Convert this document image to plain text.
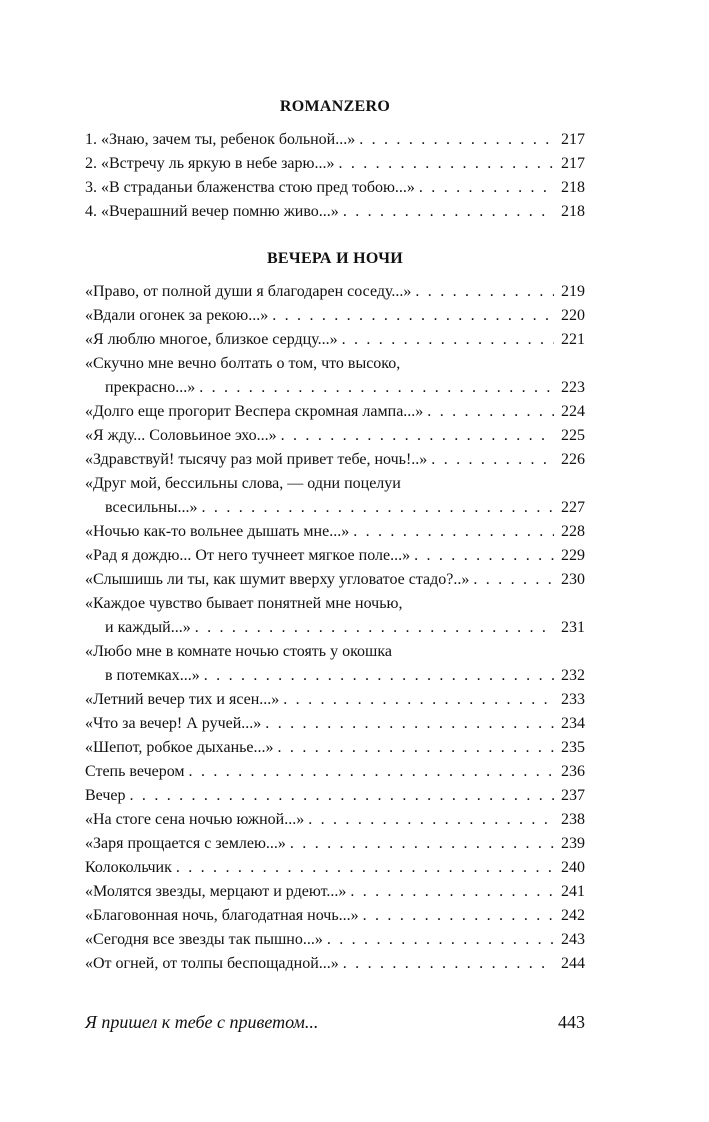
ROMANZERO
1. «Знаю, зачем ты, ребенок больной...» . . .	217
2. «Встречу ль яркую в небе зарю...» . . .	217
3. «В страданьи блаженства стою пред тобою...» . . .	218
4. «Вчерашний вечер помню живо...» . . .	218
ВЕЧЕРА И НОЧИ
«Право, от полной души я благодарен соседу...» . . .	219
«Вдали огонек за рекою...» . . .	220
«Я люблю многое, близкое сердцу...» . . .	221
«Скучно мне вечно болтать о том, что высоко,
прекрасно...» . . .	223
«Долго еще прогорит Веспера скромная лампа...» . . .	224
«Я жду... Соловьиное эхо...» . . .	225
«Здравствуй! тысячу раз мой привет тебе, ночь!..» . . .	226
«Друг мой, бессильны слова, — одни поцелуи
всесильны...» . . .	227
«Ночью как-то вольнее дышать мне...» . . .	228
«Рад я дождю... От него тучнеет мягкое поле...» . . .	229
«Слышишь ли ты, как шумит вверху угловатое стадо?..» . . .	230
«Каждое чувство бывает понятней мне ночью,
и каждый...» . . .	231
«Любо мне в комнате ночью стоять у окошка
в потемках...» . . .	232
«Летний вечер тих и ясен...» . . .	233
«Что за вечер! А ручей...» . . .	234
«Шепот, робкое дыханье...» . . .	235
Степь вечером . . .	236
Вечер . . .	237
«На стоге сена ночью южной...» . . .	238
«Заря прощается с землею...» . . .	239
Колокольчик . . .	240
«Молятся звезды, мерцают и рдеют...» . . .	241
«Благовонная ночь, благодатная ночь...» . . .	242
«Сегодня все звезды так пышно...» . . .	243
«От огней, от толпы беспощадной...» . . .	244
Я пришел к тебе с приветом...	443
